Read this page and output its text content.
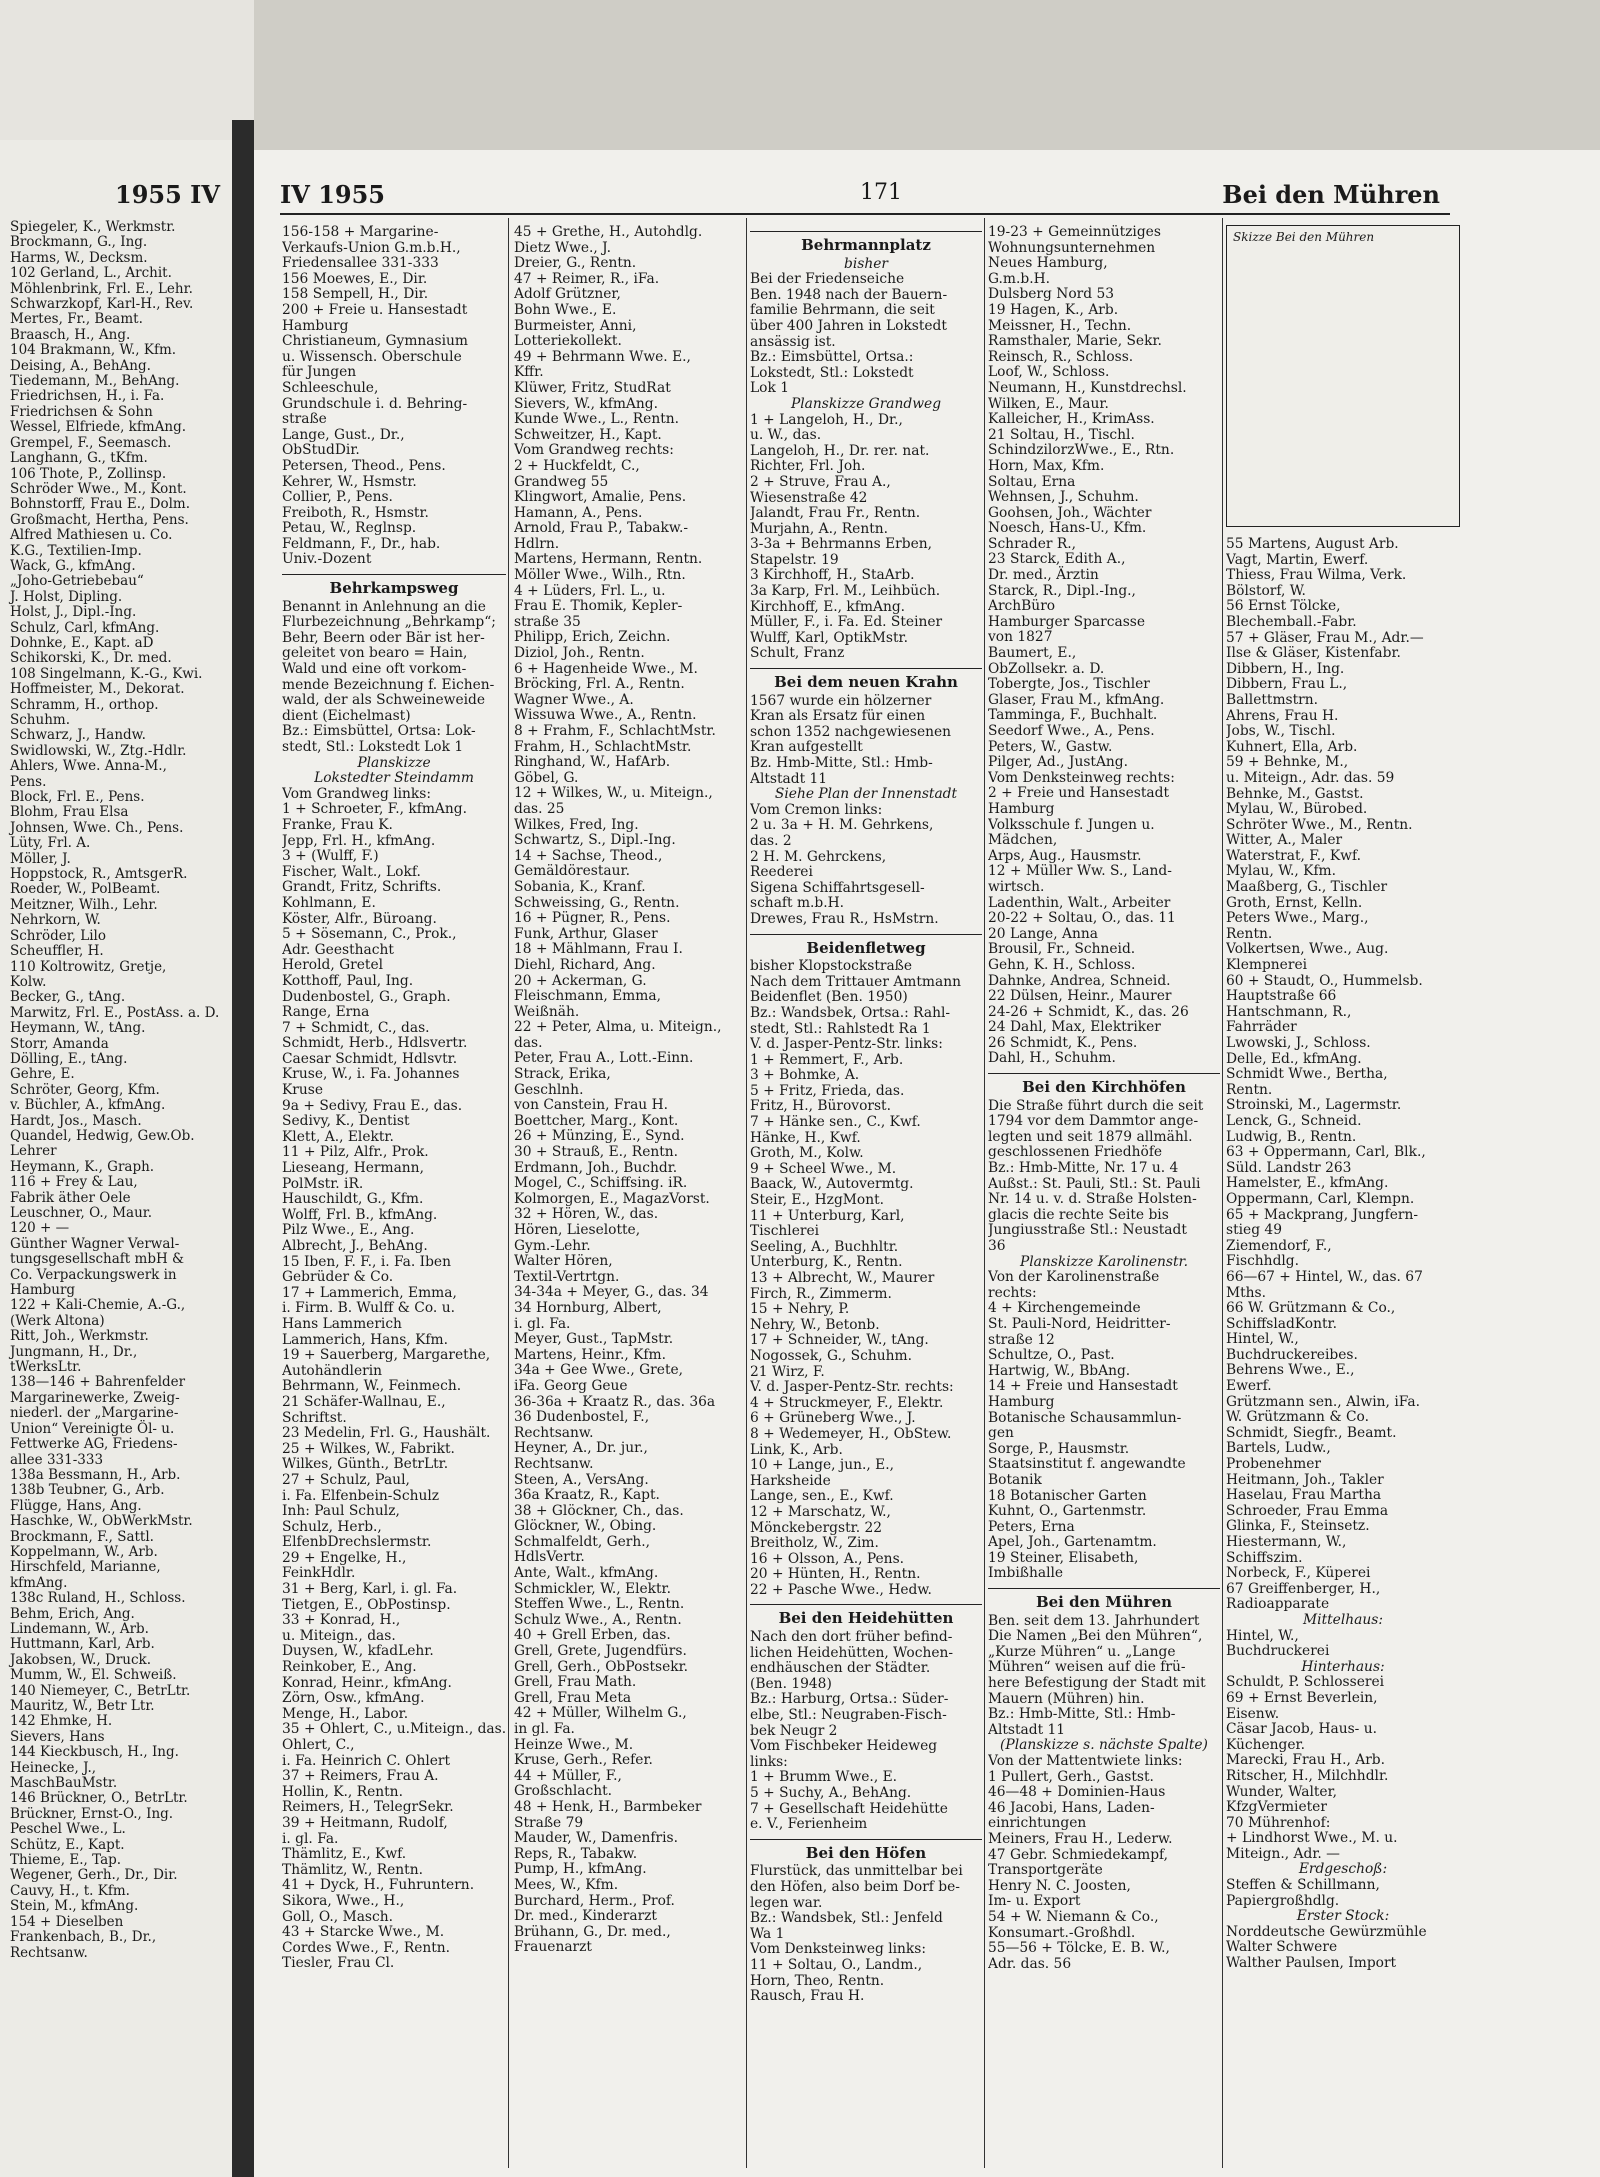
1955 IV
Spiegeler, K., Werkmstr.
Brockmann, G., Ing.
Harms, W., Decksm.
102 Gerland, L., Archit.
Möhlenbrink, Frl. E., Lehr.
Schwarzkopf, Karl-H., Rev.
Mertes, Fr., Beamt.
Braasch, H., Ang.
104 Brakmann, W., Kfm.
Deising, A., BehAng.
Tiedemann, M., BehAng.
Friedrichsen, H., i. Fa.
Friedrichsen & Sohn
Wessel, Elfriede, kfmAng.
Grempel, F., Seemasch.
Langhann, G., tKfm.
106 Thote, P., Zollinsp.
Schröder Wwe., M., Kont.
Bohnstorff, Frau E., Dolm.
Großmacht, Hertha, Pens.
Alfred Mathiesen u. Co.
K.G., Textilien-Imp.
Wack, G., kfmAng.
„Joho-Getriebebau“
J. Holst, Dipling.
Holst, J., Dipl.-Ing.
Schulz, Carl, kfmAng.
Dohnke, E., Kapt. aD
Schikorski, K., Dr. med.
108 Singelmann, K.-G., Kwi.
Hoffmeister, M., Dekorat.
Schramm, H., orthop.
Schuhm.
Schwarz, J., Handw.
Swidlowski, W., Ztg.-Hdlr.
Ahlers, Wwe. Anna-M.,
Pens.
Block, Frl. E., Pens.
Blohm, Frau Elsa
Johnsen, Wwe. Ch., Pens.
Lüty, Frl. A.
Möller, J.
Hoppstock, R., AmtsgerR.
Roeder, W., PolBeamt.
Meitzner, Wilh., Lehr.
Nehrkorn, W.
Schröder, Lilo
Scheuffler, H.
110 Koltrowitz, Gretje,
Kolw.
Becker, G., tAng.
Marwitz, Frl. E., PostAss. a. D.
Heymann, W., tAng.
Storr, Amanda
Dölling, E., tAng.
Gehre, E.
Schröter, Georg, Kfm.
v. Büchler, A., kfmAng.
Hardt, Jos., Masch.
Quandel, Hedwig, Gew.Ob.
Lehrer
Heymann, K., Graph.
116 + Frey & Lau,
Fabrik äther Oele
Leuschner, O., Maur.
120 + —
Günther Wagner Verwal-
tungsgesellschaft mbH &
Co. Verpackungswerk in
Hamburg
122 + Kali-Chemie, A.-G.,
(Werk Altona)
Ritt, Joh., Werkmstr.
Jungmann, H., Dr.,
tWerksLtr.
138—146 + Bahrenfelder
Margarinewerke, Zweig-
niederl. der „Margarine-
Union“ Vereinigte Öl- u.
Fettwerke AG, Friedens-
allee 331-333
138a Bessmann, H., Arb.
138b Teubner, G., Arb.
Flügge, Hans, Ang.
Haschke, W., ObWerkMstr.
Brockmann, F., Sattl.
Koppelmann, W., Arb.
Hirschfeld, Marianne,
kfmAng.
138c Ruland, H., Schloss.
Behm, Erich, Ang.
Lindemann, W., Arb.
Huttmann, Karl, Arb.
Jakobsen, W., Druck.
Mumm, W., El. Schweiß.
140 Niemeyer, C., BetrLtr.
Mauritz, W., Betr Ltr.
142 Ehmke, H.
Sievers, Hans
144 Kieckbusch, H., Ing.
Heinecke, J.,
MaschBauMstr.
146 Brückner, O., BetrLtr.
Brückner, Ernst-O., Ing.
Peschel Wwe., L.
Schütz, E., Kapt.
Thieme, E., Tap.
Wegener, Gerh., Dr., Dir.
Cauvy, H., t. Kfm.
Stein, M., kfmAng.
154 + Dieselben
Frankenbach, B., Dr.,
Rechtsanw.
IV 1955	171	Bei den Mühren
156-158 + Margarine-
Verkaufs-Union G.m.b.H.,
Friedensallee 331-333
156 Moewes, E., Dir.
158 Sempell, H., Dir.
200 + Freie u. Hansestadt
Hamburg
Christianeum, Gymnasium
u. Wissensch. Oberschule
für Jungen
Schleeschule,
Grundschule i. d. Behring-
straße
Lange, Gust., Dr.,
ObStudDir.
Petersen, Theod., Pens.
Kehrer, W., Hsmstr.
Collier, P., Pens.
Freiboth, R., Hsmstr.
Petau, W., Reglnsp.
Feldmann, F., Dr., hab.
Univ.-Dozent
Behrkampsweg
Benannt in Anlehnung an die
Flurbezeichnung „Behrkamp“;
Behr, Beern oder Bär ist her-
geleitet von bearo = Hain,
Wald und eine oft vorkom-
mende Bezeichnung f. Eichen-
wald, der als Schweineweide
dient (Eichelmast)
Bz.: Eimsbüttel, Ortsa: Lok-
stedt, Stl.: Lokstedt Lok 1
Planskizze
Lokstedter Steindamm
Vom Grandweg links:
1 + Schroeter, F., kfmAng.
Franke, Frau K.
Jepp, Frl. H., kfmAng.
3 + (Wulff, F.)
Fischer, Walt., Lokf.
Grandt, Fritz, Schrifts.
Kohlmann, E.
Köster, Alfr., Büroang.
5 + Sösemann, C., Prok.,
Adr. Geesthacht
Herold, Gretel
Kotthoff, Paul, Ing.
Dudenbostel, G., Graph.
Range, Erna
7 + Schmidt, C., das.
Schmidt, Herb., Hdlsvertr.
Caesar Schmidt, Hdlsvtr.
Kruse, W., i. Fa. Johannes
Kruse
9a + Sedivy, Frau E., das.
Sedivy, K., Dentist
Klett, A., Elektr.
11 + Pilz, Alfr., Prok.
Lieseang, Hermann,
PolMstr. iR.
Hauschildt, G., Kfm.
Wolff, Frl. B., kfmAng.
Pilz Wwe., E., Ang.
Albrecht, J., BehAng.
15 Iben, F. F., i. Fa. Iben
Gebrüder & Co.
17 + Lammerich, Emma,
i. Firm. B. Wulff & Co. u.
Hans Lammerich
Lammerich, Hans, Kfm.
19 + Sauerberg, Margarethe,
Autohändlerin
Behrmann, W., Feinmech.
21 Schäfer-Wallnau, E.,
Schriftst.
23 Medelin, Frl. G., Haushält.
25 + Wilkes, W., Fabrikt.
Wilkes, Günth., BetrLtr.
27 + Schulz, Paul,
i. Fa. Elfenbein-Schulz
Inh: Paul Schulz,
Schulz, Herb.,
ElfenbDrechslermstr.
29 + Engelke, H.,
FeinkHdlr.
31 + Berg, Karl, i. gl. Fa.
Tietgen, E., ObPostinsp.
33 + Konrad, H.,
u. Miteign., das.
Duysen, W., kfadLehr.
Reinkober, E., Ang.
Konrad, Heinr., kfmAng.
Zörn, Osw., kfmAng.
Menge, H., Labor.
35 + Ohlert, C., u.Miteign., das.
Ohlert, C.,
i. Fa. Heinrich C. Ohlert
37 + Reimers, Frau A.
Hollin, K., Rentn.
Reimers, H., TelegrSekr.
39 + Heitmann, Rudolf,
i. gl. Fa.
Thämlitz, E., Kwf.
Thämlitz, W., Rentn.
41 + Dyck, H., Fuhruntern.
Sikora, Wwe., H.,
Goll, O., Masch.
43 + Starcke Wwe., M.
Cordes Wwe., F., Rentn.
Tiesler, Frau Cl.
45 + Grethe, H., Autohdlg.
Dietz Wwe., J.
Dreier, G., Rentn.
47 + Reimer, R., iFa.
Adolf Grützner,
Bohn Wwe., E.
Burmeister, Anni,
Lotteriekollekt.
49 + Behrmann Wwe. E.,
Kffr.
Klüwer, Fritz, StudRat
Sievers, W., kfmAng.
Kunde Wwe., L., Rentn.
Schweitzer, H., Kapt.
Vom Grandweg rechts:
2 + Huckfeldt, C.,
Grandweg 55
Klingwort, Amalie, Pens.
Hamann, A., Pens.
Arnold, Frau P., Tabakw.-
Hdlrn.
Martens, Hermann, Rentn.
Möller Wwe., Wilh., Rtn.
4 + Lüders, Frl. L., u.
Frau E. Thomik, Kepler-
straße 35
Philipp, Erich, Zeichn.
Diziol, Joh., Rentn.
6 + Hagenheide Wwe., M.
Bröcking, Frl. A., Rentn.
Wagner Wwe., A.
Wissuwa Wwe., A., Rentn.
8 + Frahm, F., SchlachtMstr.
Frahm, H., SchlachtMstr.
Ringhand, W., HafArb.
Göbel, G.
12 + Wilkes, W., u. Miteign.,
das. 25
Wilkes, Fred, Ing.
Schwartz, S., Dipl.-Ing.
14 + Sachse, Theod.,
Gemäldörestaur.
Sobania, K., Kranf.
Schweissing, G., Rentn.
16 + Pügner, R., Pens.
Funk, Arthur, Glaser
18 + Mählmann, Frau I.
Diehl, Richard, Ang.
20 + Ackerman, G.
Fleischmann, Emma,
Weißnäh.
22 + Peter, Alma, u. Miteign.,
das.
Peter, Frau A., Lott.-Einn.
Strack, Erika,
Geschlnh.
von Canstein, Frau H.
Boettcher, Marg., Kont.
26 + Münzing, E., Synd.
30 + Strauß, E., Rentn.
Erdmann, Joh., Buchdr.
Mogel, C., Schiffsing. iR.
Kolmorgen, E., MagazVorst.
32 + Hören, W., das.
Hören, Lieselotte,
Gym.-Lehr.
Walter Hören,
Textil-Vertrtgn.
34-34a + Meyer, G., das. 34
34 Hornburg, Albert,
i. gl. Fa.
Meyer, Gust., TapMstr.
Martens, Heinr., Kfm.
34a + Gee Wwe., Grete,
iFa. Georg Geue
36-36a + Kraatz R., das. 36a
36 Dudenbostel, F.,
Rechtsanw.
Heyner, A., Dr. jur.,
Rechtsanw.
Steen, A., VersAng.
36a Kraatz, R., Kapt.
38 + Glöckner, Ch., das.
Glöckner, W., Obing.
Schmalfeldt, Gerh.,
HdlsVertr.
Ante, Walt., kfmAng.
Schmickler, W., Elektr.
Steffen Wwe., L., Rentn.
Schulz Wwe., A., Rentn.
40 + Grell Erben, das.
Grell, Grete, Jugendfürs.
Grell, Gerh., ObPostsekr.
Grell, Frau Math.
Grell, Frau Meta
42 + Müller, Wilhelm G.,
in gl. Fa.
Heinze Wwe., M.
Kruse, Gerh., Refer.
44 + Müller, F.,
Großschlacht.
48 + Henk, H., Barmbeker
Straße 79
Mauder, W., Damenfris.
Reps, R., Tabakw.
Pump, H., kfmAng.
Mees, W., Kfm.
Burchard, Herm., Prof.
Dr. med., Kinderarzt
Brühann, G., Dr. med.,
Frauenarzt
Behrmannplatz
bisher
Bei der Friedenseiche
Ben. 1948 nach der Bauern-
familie Behrmann, die seit
über 400 Jahren in Lokstedt
ansässig ist.
Bz.: Eimsbüttel, Ortsa.:
Lokstedt, Stl.: Lokstedt
Lok 1
Planskizze Grandweg
1 + Langeloh, H., Dr.,
u. W., das.
Langeloh, H., Dr. rer. nat.
Richter, Frl. Joh.
2 + Struve, Frau A.,
Wiesenstraße 42
Jalandt, Frau Fr., Rentn.
Murjahn, A., Rentn.
3-3a + Behrmanns Erben,
Stapelstr. 19
3 Kirchhoff, H., StaArb.
3a Karp, Frl. M., Leihbüch.
Kirchhoff, E., kfmAng.
Müller, F., i. Fa. Ed. Steiner
Wulff, Karl, OptikMstr.
Schult, Franz
Bei dem neuen Krahn
1567 wurde ein hölzerner
Kran als Ersatz für einen
schon 1352 nachgewiesenen
Kran aufgestellt
Bz. Hmb-Mitte, Stl.: Hmb-
Altstadt 11
Siehe Plan der Innenstadt
Vom Cremon links:
2 u. 3a + H. M. Gehrkens,
das. 2
2 H. M. Gehrckens,
Reederei
Sigena Schiffahrtsgesell-
schaft m.b.H.
Drewes, Frau R., HsMstrn.
Beidenfletweg
bisher Klopstockstraße
Nach dem Trittauer Amtmann
Beidenflet (Ben. 1950)
Bz.: Wandsbek, Ortsa.: Rahl-
stedt, Stl.: Rahlstedt Ra 1
V. d. Jasper-Pentz-Str. links:
1 + Remmert, F., Arb.
3 + Bohmke, A.
5 + Fritz, Frieda, das.
Fritz, H., Bürovorst.
7 + Hänke sen., C., Kwf.
Hänke, H., Kwf.
Groth, M., Kolw.
9 + Scheel Wwe., M.
Baack, W., Autovermtg.
Steir, E., HzgMont.
11 + Unterburg, Karl,
Tischlerei
Seeling, A., Buchhltr.
Unterburg, K., Rentn.
13 + Albrecht, W., Maurer
Firch, R., Zimmerm.
15 + Nehry, P.
Nehry, W., Betonb.
17 + Schneider, W., tAng.
Nogossek, G., Schuhm.
21 Wirz, F.
V. d. Jasper-Pentz-Str. rechts:
4 + Struckmeyer, F., Elektr.
6 + Grüneberg Wwe., J.
8 + Wedemeyer, H., ObStew.
Link, K., Arb.
10 + Lange, jun., E.,
Harksheide
Lange, sen., E., Kwf.
12 + Marschatz, W.,
Mönckebergstr. 22
Breitholz, W., Zim.
16 + Olsson, A., Pens.
20 + Hünten, H., Rentn.
22 + Pasche Wwe., Hedw.
Bei den Heidehütten
Nach den dort früher befind-
lichen Heidehütten, Wochen-
endhäuschen der Städter.
(Ben. 1948)
Bz.: Harburg, Ortsa.: Süder-
elbe, Stl.: Neugraben-Fisch-
bek Neugr 2
Vom Fischbeker Heideweg
links:
1 + Brumm Wwe., E.
5 + Suchy, A., BehAng.
7 + Gesellschaft Heidehütte
e. V., Ferienheim
Bei den Höfen
Flurstück, das unmittelbar bei
den Höfen, also beim Dorf be-
legen war.
Bz.: Wandsbek, Stl.: Jenfeld
Wa 1
Vom Denksteinweg links:
11 + Soltau, O., Landm.,
Horn, Theo, Rentn.
Rausch, Frau H.
19-23 + Gemeinnütziges
Wohnungsunternehmen
Neues Hamburg,
G.m.b.H.
Dulsberg Nord 53
19 Hagen, K., Arb.
Meissner, H., Techn.
Ramsthaler, Marie, Sekr.
Reinsch, R., Schloss.
Loof, W., Schloss.
Neumann, H., Kunstdrechsl.
Wilken, E., Maur.
Kalleicher, H., KrimAss.
21 Soltau, H., Tischl.
SchindzilorzWwe., E., Rtn.
Horn, Max, Kfm.
Soltau, Erna
Wehnsen, J., Schuhm.
Goohsen, Joh., Wächter
Noesch, Hans-U., Kfm.
Schrader R.,
23 Starck, Edith A.,
Dr. med., Ärztin
Starck, R., Dipl.-Ing.,
ArchBüro
Hamburger Sparcasse
von 1827
Baumert, E.,
ObZollsekr. a. D.
Tobergte, Jos., Tischler
Glaser, Frau M., kfmAng.
Tamminga, F., Buchhalt.
Seedorf Wwe., A., Pens.
Peters, W., Gastw.
Pilger, Ad., JustAng.
Vom Denksteinweg rechts:
2 + Freie und Hansestadt
Hamburg
Volksschule f. Jungen u.
Mädchen,
Arps, Aug., Hausmstr.
12 + Müller Ww. S., Land-
wirtsch.
Ladenthin, Walt., Arbeiter
20-22 + Soltau, O., das. 11
20 Lange, Anna
Brousil, Fr., Schneid.
Gehn, K. H., Schloss.
Dahnke, Andrea, Schneid.
22 Dülsen, Heinr., Maurer
24-26 + Schmidt, K., das. 26
24 Dahl, Max, Elektriker
26 Schmidt, K., Pens.
Dahl, H., Schuhm.
Bei den Kirchhöfen
Die Straße führt durch die seit
1794 vor dem Dammtor ange-
legten und seit 1879 allmähl.
geschlossenen Friedhöfe
Bz.: Hmb-Mitte, Nr. 17 u. 4
Außst.: St. Pauli, Stl.: St. Pauli
Nr. 14 u. v. d. Straße Holsten-
glacis die rechte Seite bis
Jungiusstraße Stl.: Neustadt
36
Planskizze Karolinenstr.
Von der Karolinenstraße
rechts:
4 + Kirchengemeinde
St. Pauli-Nord, Heidritter-
straße 12
Schultze, O., Past.
Hartwig, W., BbAng.
14 + Freie und Hansestadt
Hamburg
Botanische Schausammlun-
gen
Sorge, P., Hausmstr.
Staatsinstitut f. angewandte
Botanik
18 Botanischer Garten
Kuhnt, O., Gartenmstr.
Peters, Erna
Apel, Joh., Gartenamtm.
19 Steiner, Elisabeth,
Imbißhalle
Bei den Mühren
Ben. seit dem 13. Jahrhundert
Die Namen „Bei den Mühren“,
„Kurze Mühren“ u. „Lange
Mühren“ weisen auf die frü-
here Befestigung der Stadt mit
Mauern (Mühren) hin.
Bz.: Hmb-Mitte, Stl.: Hmb-
Altstadt 11
(Planskizze s. nächste Spalte)
Von der Mattentwiete links:
1 Pullert, Gerh., Gastst.
46—48 + Dominien-Haus
46 Jacobi, Hans, Laden-
einrichtungen
Meiners, Frau H., Lederw.
47 Gebr. Schmiedekampf,
Transportgeräte
Henry N. C. Joosten,
Im- u. Export
54 + W. Niemann & Co.,
Konsumart.-Großhdl.
55—56 + Tölcke, E. B. W.,
Adr. das. 56
Skizze Bei den Mühren
55 Martens, August Arb.
Vagt, Martin, Ewerf.
Thiess, Frau Wilma, Verk.
Bölstorf, W.
56 Ernst Tölcke,
Blechemball.-Fabr.
57 + Gläser, Frau M., Adr.—
Ilse & Gläser, Kistenfabr.
Dibbern, H., Ing.
Dibbern, Frau L.,
Ballettmstrn.
Ahrens, Frau H.
Jobs, W., Tischl.
Kuhnert, Ella, Arb.
59 + Behnke, M.,
u. Miteign., Adr. das. 59
Behnke, M., Gastst.
Mylau, W., Bürobed.
Schröter Wwe., M., Rentn.
Witter, A., Maler
Waterstrat, F., Kwf.
Mylau, W., Kfm.
Maaßberg, G., Tischler
Groth, Ernst, Kelln.
Peters Wwe., Marg.,
Rentn.
Volkertsen, Wwe., Aug.
Klempnerei
60 + Staudt, O., Hummelsb.
Hauptstraße 66
Hantschmann, R.,
Fahrräder
Lwowski, J., Schloss.
Delle, Ed., kfmAng.
Schmidt Wwe., Bertha,
Rentn.
Stroinski, M., Lagermstr.
Lenck, G., Schneid.
Ludwig, B., Rentn.
63 + Oppermann, Carl, Blk.,
Süld. Landstr 263
Hamelster, E., kfmAng.
Oppermann, Carl, Klempn.
65 + Mackprang, Jungfern-
stieg 49
Ziemendorf, F.,
Fischhdlg.
66—67 + Hintel, W., das. 67
Mths.
66 W. Grützmann & Co.,
SchiffsladKontr.
Hintel, W.,
Buchdruckereibes.
Behrens Wwe., E.,
Ewerf.
Grützmann sen., Alwin, iFa.
W. Grützmann & Co.
Schmidt, Siegfr., Beamt.
Bartels, Ludw.,
Probenehmer
Heitmann, Joh., Takler
Haselau, Frau Martha
Schroeder, Frau Emma
Glinka, F., Steinsetz.
Hiestermann, W.,
Schiffszim.
Norbeck, F., Küperei
67 Greiffenberger, H.,
Radioapparate
Mittelhaus:
Hintel, W.,
Buchdruckerei
Hinterhaus:
Schuldt, P. Schlosserei
69 + Ernst Beverlein,
Eisenw.
Cäsar Jacob, Haus- u.
Küchenger.
Marecki, Frau H., Arb.
Ritscher, H., Milchhdlr.
Wunder, Walter,
KfzgVermieter
70 Mührenhof:
+ Lindhorst Wwe., M. u.
Miteign., Adr. —
Erdgeschoß:
Steffen & Schillmann,
Papiergroßhdlg.
Erster Stock:
Norddeutsche Gewürzmühle
Walter Schwere
Walther Paulsen, Import
